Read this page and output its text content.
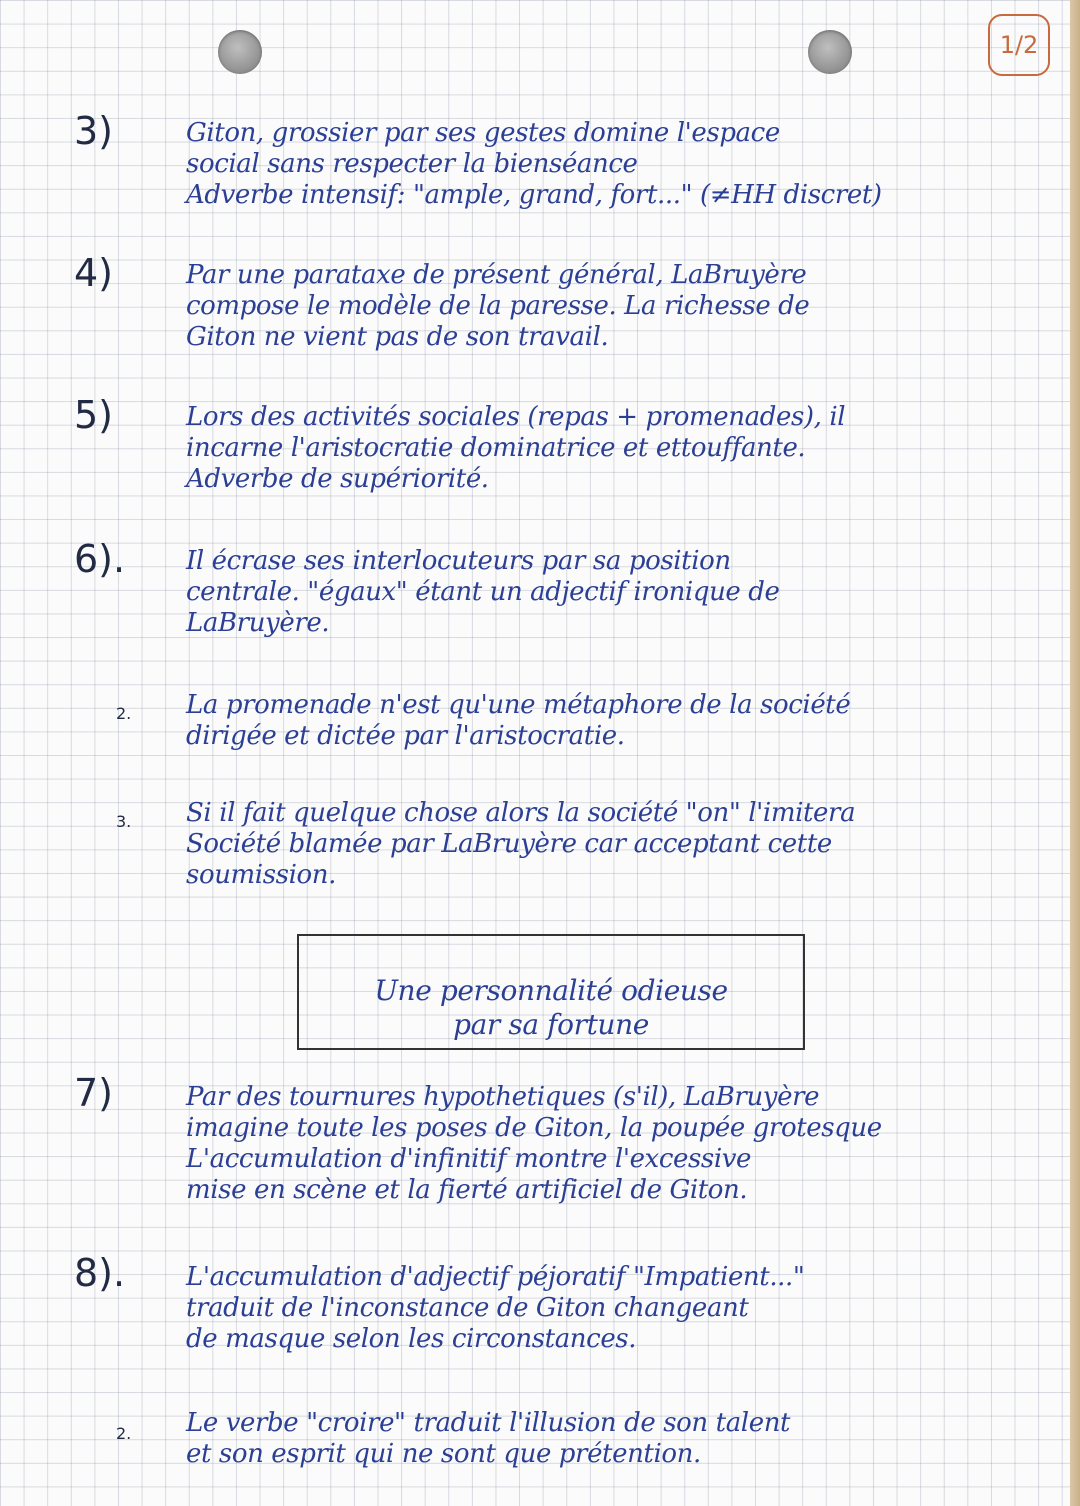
1/2
3)	Giton, grossier par ses gestes domine l'espace
social sans respecter la bienséance
Adverbe intensif: "ample, grand, fort..." (≠HH discret)
4)	Par une parataxe de présent général, LaBruyère
compose le modèle de la paresse. La richesse de
Giton ne vient pas de son travail.
5)	Lors des activités sociales (repas + promenades), il
incarne l'aristocratie dominatrice et ettouffante.
Adverbe de supériorité.
6). Il écrase ses interlocuteurs par sa position
centrale. "égaux" étant un adjectif ironique de
LaBruyère.
2. La promenade n'est qu'une métaphore de la société
dirigée et dictée par l'aristocratie.
3. Si il fait quelque chose alors la société "on" l'imitera
Société blamée par LaBruyère car acceptant cette
soumission.
Une personnalité odieuse
par sa fortune
7)	Par des tournures hypothetiques (s'il), LaBruyère
imagine toute les poses de Giton, la poupée grotesque
L'accumulation d'infinitif montre l'excessive
mise en scène et la fierté artificiel de Giton.
8). L'accumulation d'adjectif péjoratif "Impatient..."
traduit de l'inconstance de Giton changeant
de masque selon les circonstances.
2. Le verbe "croire" traduit l'illusion de son talent
et son esprit qui ne sont que prétention.
